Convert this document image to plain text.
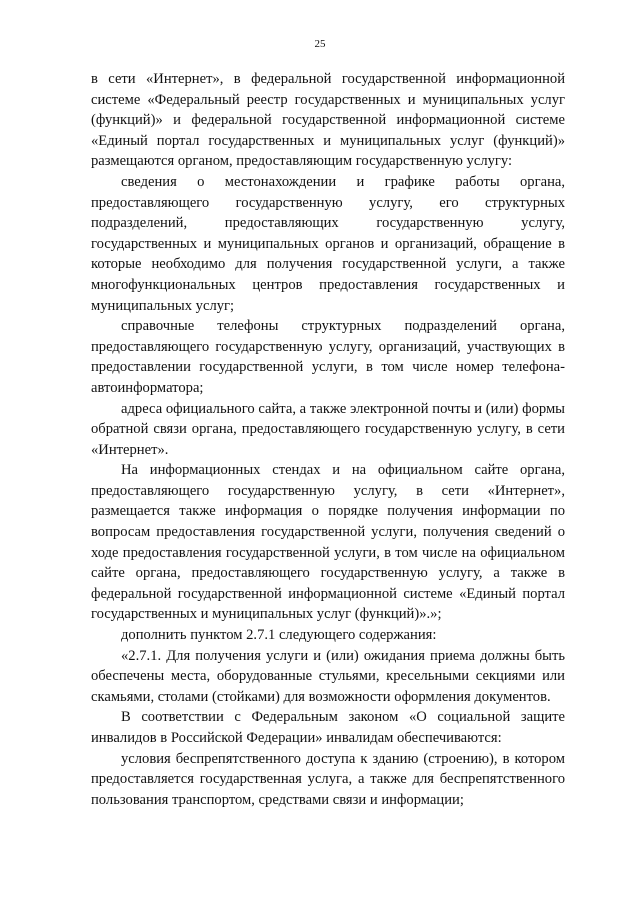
25

в сети «Интернет», в федеральной государственной информационной системе «Федеральный реестр государственных и муниципальных услуг (функций)» и федеральной государственной информационной системе «Единый портал государственных и муниципальных услуг (функций)» размещаются органом, предоставляющим государственную услугу:

сведения о местонахождении и графике работы органа, предоставляющего государственную услугу, его структурных подразделений, предоставляющих государственную услугу, государственных и муниципальных органов и организаций, обращение в которые необходимо для получения государственной услуги, а также многофункциональных центров предоставления государственных и муниципальных услуг;

справочные телефоны структурных подразделений органа, предоставляющего государственную услугу, организаций, участвующих в предоставлении государственной услуги, в том числе номер телефона-автоинформатора;

адреса официального сайта, а также электронной почты и (или) формы обратной связи органа, предоставляющего государственную услугу, в сети «Интернет».

На информационных стендах и на официальном сайте органа, предоставляющего государственную услугу, в сети «Интернет», размещается также информация о порядке получения информации по вопросам предоставления государственной услуги, получения сведений о ходе предоставления государственной услуги, в том числе на официальном сайте органа, предоставляющего государственную услугу, а также в федеральной государственной информационной системе «Единый портал государственных и муниципальных услуг (функций)».»;

дополнить пунктом 2.7.1 следующего содержания:

«2.7.1. Для получения услуги и (или) ожидания приема должны быть обеспечены места, оборудованные стульями, кресельными секциями или скамьями, столами (стойками) для возможности оформления документов.

В соответствии с Федеральным законом «О социальной защите инвалидов в Российской Федерации» инвалидам обеспечиваются:

условия беспрепятственного доступа к зданию (строению), в котором предоставляется государственная услуга, а также для беспрепятственного пользования транспортом, средствами связи и информации;
